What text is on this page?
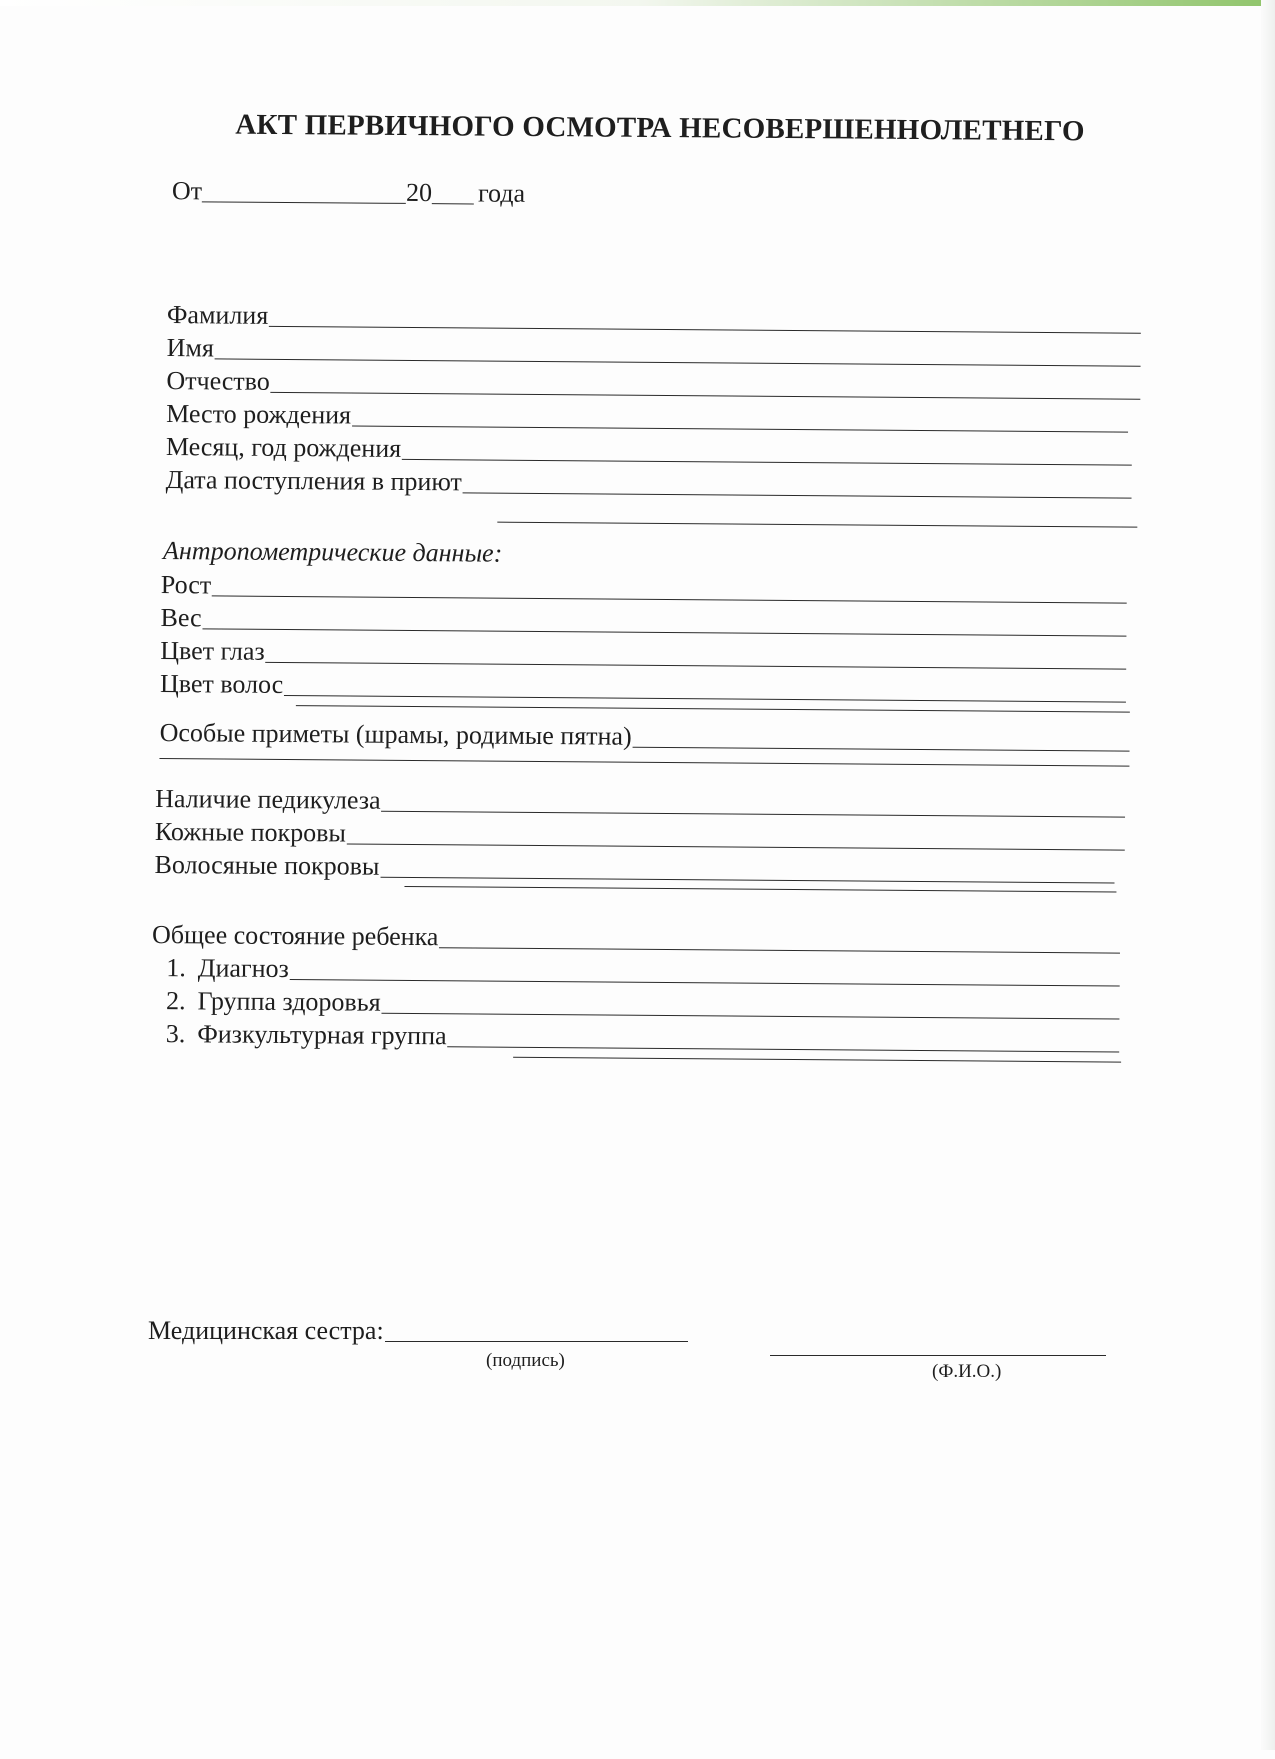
АКТ ПЕРВИЧНОГО ОСМОТРА НЕСОВЕРШЕННОЛЕТНЕГО
От	20 года
Фамилия
Имя
Отчество
Место рождения
Месяц, год рождения
Дата поступления в приют
Антропометрические данные:
Рост
Вес
Цвет глаз
Цвет волос
Особые приметы (шрамы, родимые пятна)
Наличие педикулеза
Кожные покровы
Волосяные покровы
Общее состояние ребенка
1. Диагноз
2. Группа здоровья
3. Физкультурная группа
Медицинская сестра:
(подпись)
(Ф.И.О.)
